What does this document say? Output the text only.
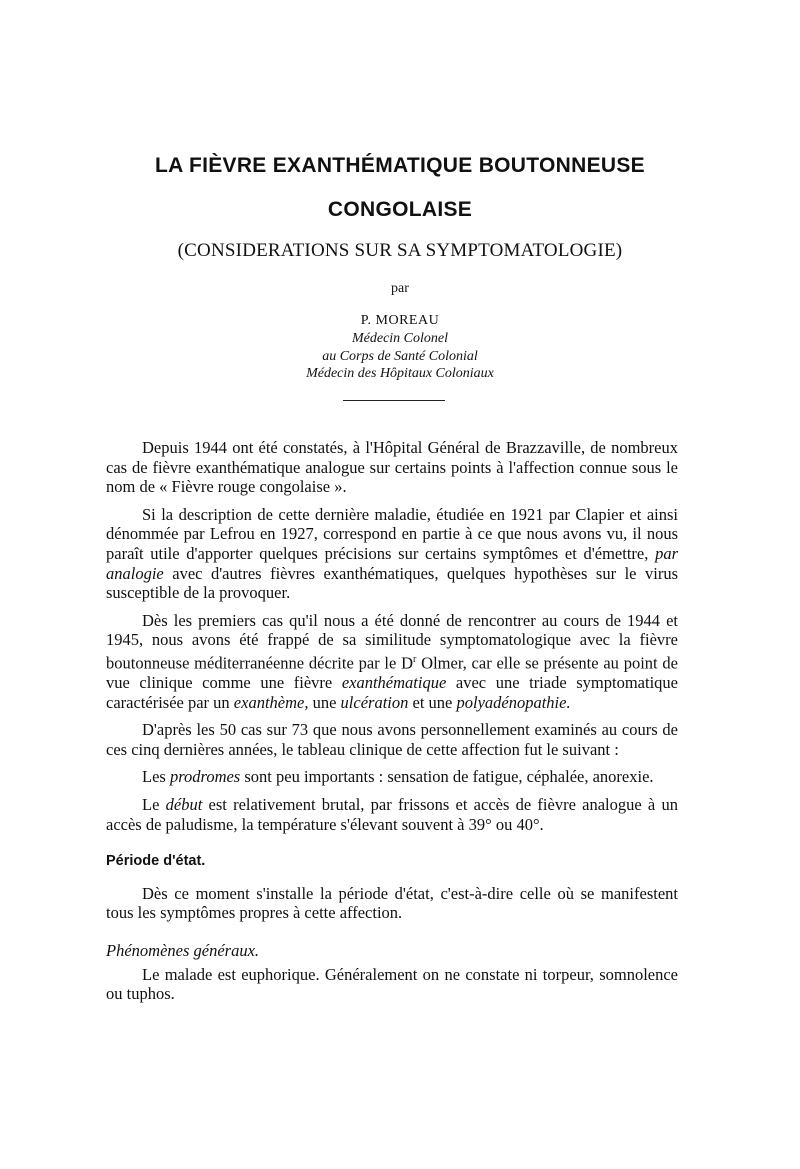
LA FIÈVRE EXANTHÉMATIQUE BOUTONNEUSE
CONGOLAISE
(CONSIDERATIONS SUR SA SYMPTOMATOLOGIE)
par
P. MOREAU
Médecin Colonel
au Corps de Santé Colonial
Médecin des Hôpitaux Coloniaux

Depuis 1944 ont été constatés, à l'Hôpital Général de Brazzaville, de nombreux cas de fièvre exanthématique analogue sur certains points à l'affection connue sous le nom de « Fièvre rouge congolaise ».

Si la description de cette dernière maladie, étudiée en 1921 par Clapier et ainsi dénommée par Lefrou en 1927, correspond en partie à ce que nous avons vu, il nous paraît utile d'apporter quelques précisions sur certains symptômes et d'émettre, par analogie avec d'autres fièvres exanthématiques, quelques hypothèses sur le virus susceptible de la provoquer.

Dès les premiers cas qu'il nous a été donné de rencontrer au cours de 1944 et 1945, nous avons été frappé de sa similitude symptomatologique avec la fièvre boutonneuse méditerranéenne décrite par le $D^r$ Olmer, car elle se présente au point de vue clinique comme une fièvre exanthématique avec une triade symptomatique caractérisée par un exanthème, une ulcération et une polyadénopathie.

D'après les 50 cas sur 73 que nous avons personnellement examinés au cours de ces cinq dernières années, le tableau clinique de cette affection fut le suivant :

Les prodromes sont peu importants : sensation de fatigue, céphalée, anorexie.

Le début est relativement brutal, par frissons et accès de fièvre analogue à un accès de paludisme, la température s'élevant souvent à 39° ou 40°.

Période d'état.

Dès ce moment s'installe la période d'état, c'est-à-dire celle où se manifestent tous les symptômes propres à cette affection.

Phénomènes généraux.

Le malade est euphorique. Généralement on ne constate ni torpeur, somnolence ou tuphos.
